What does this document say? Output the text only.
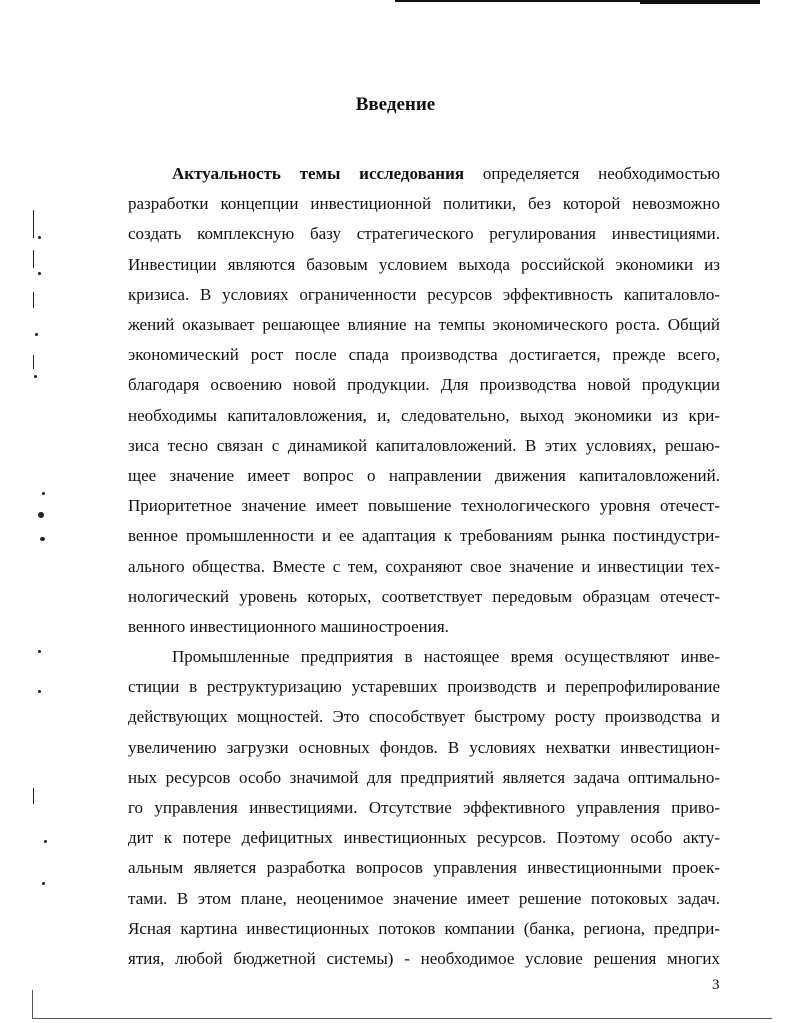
Введение
Актуальность темы исследования определяется необходимостью
разработки концепции инвестиционной политики, без которой невозможно
создать комплексную базу стратегического регулирования инвестициями.
Инвестиции являются базовым условием выхода российской экономики из
кризиса. В условиях ограниченности ресурсов эффективность капиталовло-
жений оказывает решающее влияние на темпы экономического роста. Общий
экономический рост после спада производства достигается, прежде всего,
благодаря освоению новой продукции. Для производства новой продукции
необходимы капиталовложения, и, следовательно, выход экономики из кри-
зиса тесно связан с динамикой капиталовложений. В этих условиях, решаю-
щее значение имеет вопрос о направлении движения капиталовложений.
Приоритетное значение имеет повышение технологического уровня отечест-
венное промышленности и ее адаптация к требованиям рынка постиндустри-
ального общества. Вместе с тем, сохраняют свое значение и инвестиции тех-
нологический уровень которых, соответствует передовым образцам отечест-
венного инвестиционного машиностроения.
Промышленные предприятия в настоящее время осуществляют инве-
стиции в реструктуризацию устаревших производств и перепрофилирование
действующих мощностей. Это способствует быстрому росту производства и
увеличению загрузки основных фондов. В условиях нехватки инвестицион-
ных ресурсов особо значимой для предприятий является задача оптимально-
го управления инвестициями. Отсутствие эффективного управления приво-
дит к потере дефицитных инвестиционных ресурсов. Поэтому особо акту-
альным является разработка вопросов управления инвестиционными проек-
тами. В этом плане, неоценимое значение имеет решение потоковых задач.
Ясная картина инвестиционных потоков компании (банка, региона, предпри-
ятия, любой бюджетной системы) - необходимое условие решения многих
3
